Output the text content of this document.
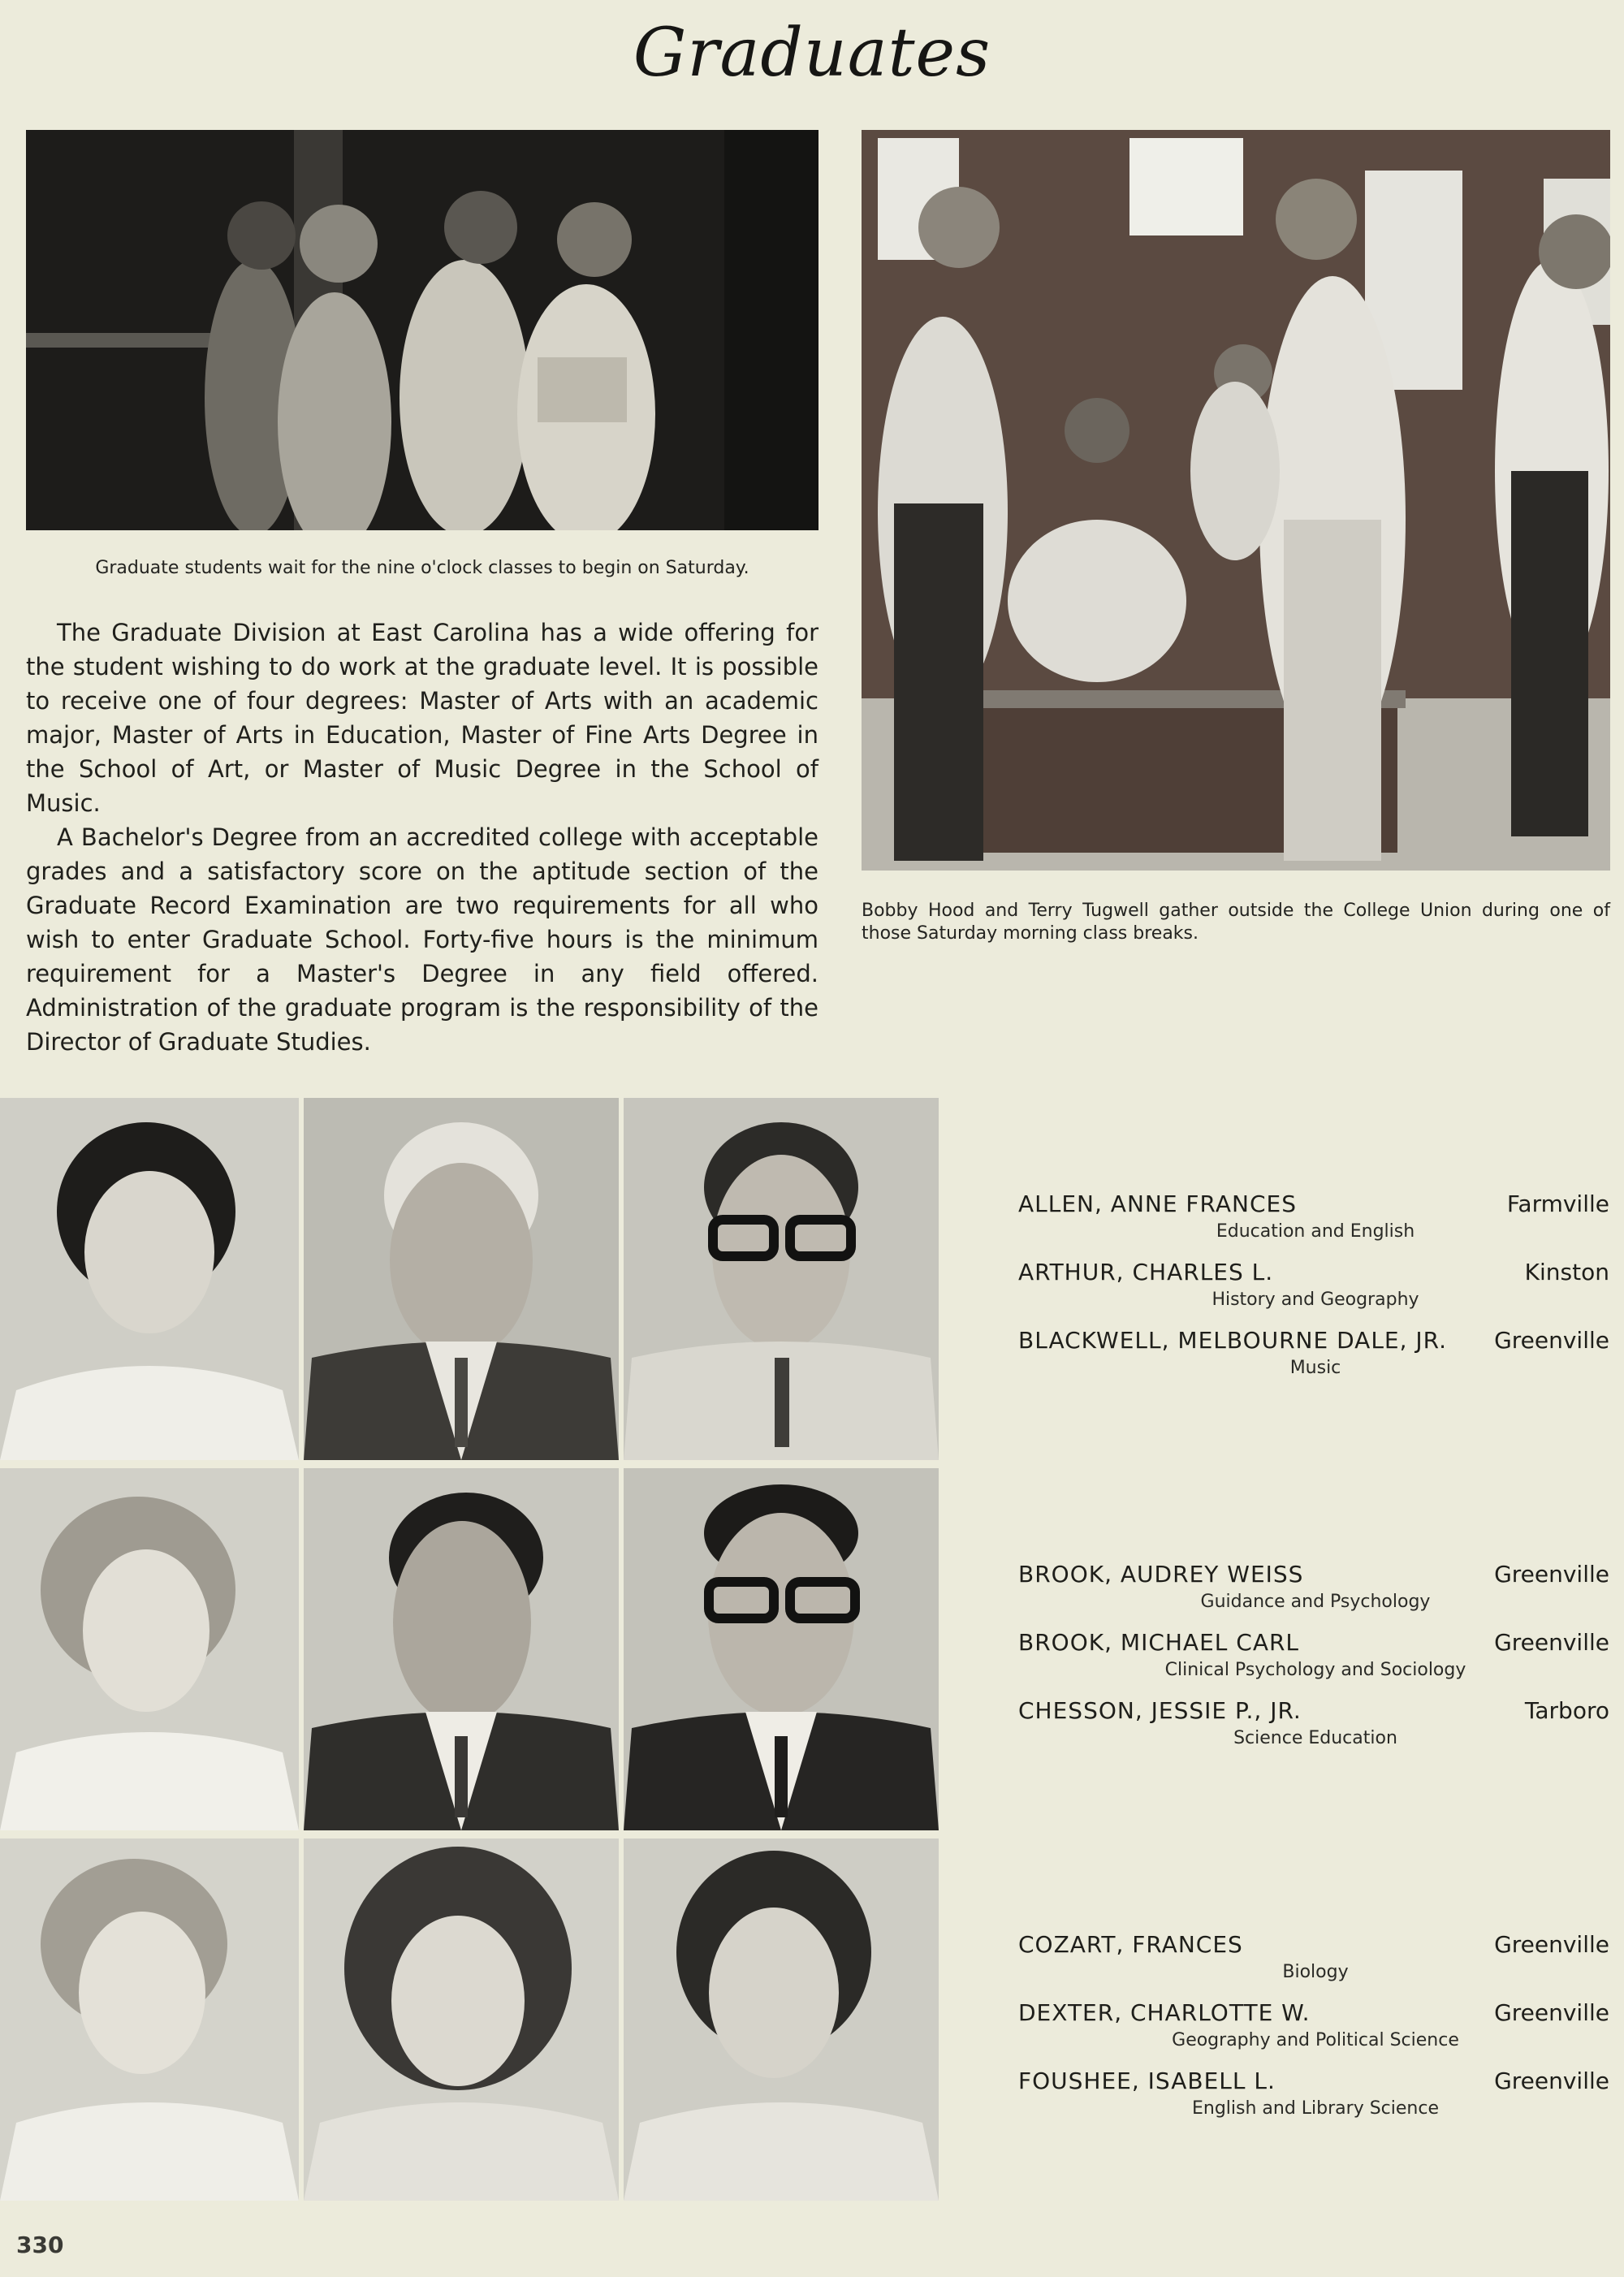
Graduates
Graduate students wait for the nine o'clock classes to begin on Saturday.
Bobby Hood and Terry Tugwell gather outside the College Union during one of those Saturday morning class breaks.

The Graduate Division at East Carolina has a wide offering for the student wishing to do work at the graduate level. It is possible to receive one of four degrees: Master of Arts with an academic major, Master of Arts in Education, Master of Fine Arts Degree in the School of Art, or Master of Music Degree in the School of Music.

A Bachelor's Degree from an accredited college with acceptable grades and a satisfactory score on the aptitude section of the Graduate Record Examination are two requirements for all who wish to enter Graduate School. Forty-five hours is the minimum requirement for a Master's Degree in any field offered. Administration of the graduate program is the responsibility of the Director of Graduate Studies.

ALLEN, ANNE FRANCES	Farmville
Education and English
ARTHUR, CHARLES L.	Kinston
History and Geography
BLACKWELL, MELBOURNE DALE, JR. Greenville
Music
BROOK, AUDREY WEISS	Greenville
Guidance and Psychology
BROOK, MICHAEL CARL	Greenville
Clinical Psychology and Sociology
CHESSON, JESSIE P., JR.	Tarboro
Science Education
COZART, FRANCES	Greenville
Biology
DEXTER, CHARLOTTE W.	Greenville
Geography and Political Science
FOUSHEE, ISABELL L.	Greenville
English and Library Science
330
